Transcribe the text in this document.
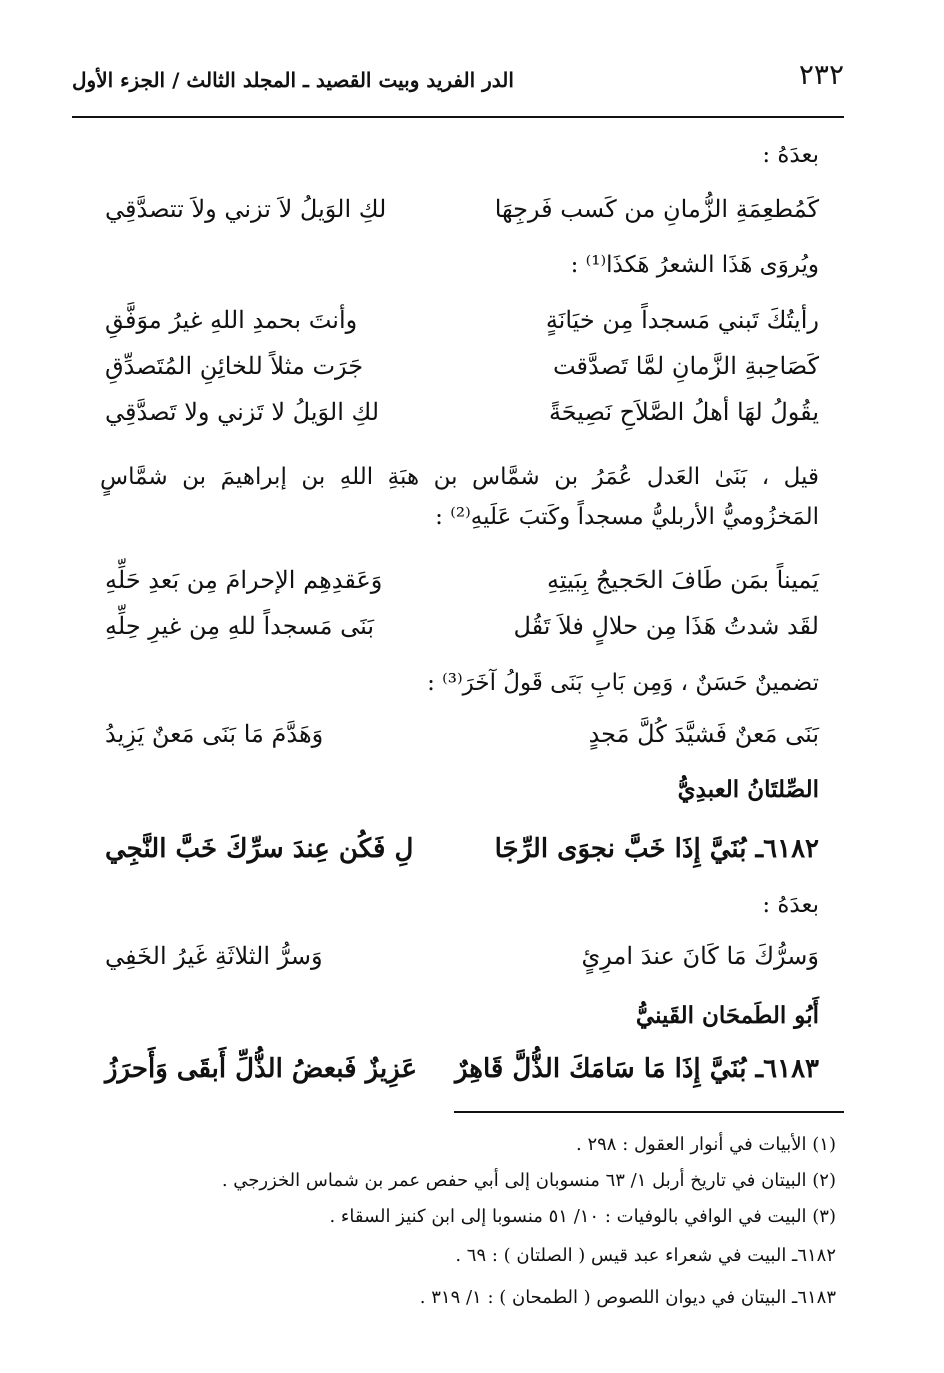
٢٣٢
الدر الفريد وبيت القصيد ـ المجلد الثالث / الجزء الأول
بعدَهُ :
كَمُطعِمَةِ الزُّمانِ من كَسب فَرجِهَا
لكِ الوَيلُ لاَ تزني ولاَ تتصدَّقِي
ويُروَى هَذَا الشعرُ هَكذَا⁽¹⁾ :
رأيتُكَ تَبني مَسجداً مِن خيَانَةٍ
وأنتَ بحمدِ اللهِ غيرُ موَفَّقِ
كَصَاحِبةِ الزَّمانِ لمَّا تَصدَّقت
جَرَت مثلاً للخائِنِ المُتَصدِّقِ
يقُولُ لهَا أهلُ الصَّلاَحِ نَصِيحَةً
لكِ الوَيلُ لا تَزني ولا تَصدَّقِي
قيل ، بَنَىٰ العَدل عُمَرُ بن شمَّاس بن هبَةِ اللهِ بن إبراهيمَ بن شمَّاسٍ المَخزُوميُّ الأربليُّ مسجداً وكَتبَ عَلَيهِ⁽²⁾ :
يَميناً بمَن طَافَ الحَجيجُ بِبَيتِهِ
وَعَقدِهِم الإحرامَ مِن بَعدِ حَلِّهِ
لقَد شدتُ هَذَا مِن حلالٍ فلاَ تَقُل
بَنَى مَسجداً للهِ مِن غيرِ حِلِّهِ
تضمينٌ حَسَنٌ ، وَمِن بَابِ بَنَى قَولُ آخَرَ⁽³⁾ :
بَنَى مَعنٌ فَشيَّدَ كُلَّ مَجدٍ
وَهَدَّمَ مَا بَنَى مَعنٌ يَزِيدُ
الصِّلتَانُ العبدِيُّ
٦١٨٢ـ بُنَيَّ إِذَا خَبَّ نجوَى الرِّجَا
لِ فَكُن عِندَ سرِّكَ خَبَّ النَّجِي
بعدَهُ :
وَسرُّكَ مَا كَانَ عندَ امرِئٍ
وَسرُّ الثلاثَةِ غَيرُ الخَفِي
أَبُو الطَمحَان القَينيُّ
٦١٨٣ـ بُنَيَّ إِذَا مَا سَامَكَ الذُّلَّ قَاهِرٌ
عَزِيزٌ فَبعضُ الذُّلِّ أَبقَى وَأَحرَزُ
(١) الأبيات في أنوار العقول : ٢٩٨ .
(٢) البيتان في تاريخ أربل ١/ ٦٣ منسوبان إلى أبي حفص عمر بن شماس الخزرجي .
(٣) البيت في الوافي بالوفيات : ١٠/ ٥١ منسوبا إلى ابن كنيز السقاء .
٦١٨٢ـ البيت في شعراء عبد قيس ( الصلتان ) : ٦٩ .
٦١٨٣ـ البيتان في ديوان اللصوص ( الطمحان ) : ١/ ٣١٩ .
